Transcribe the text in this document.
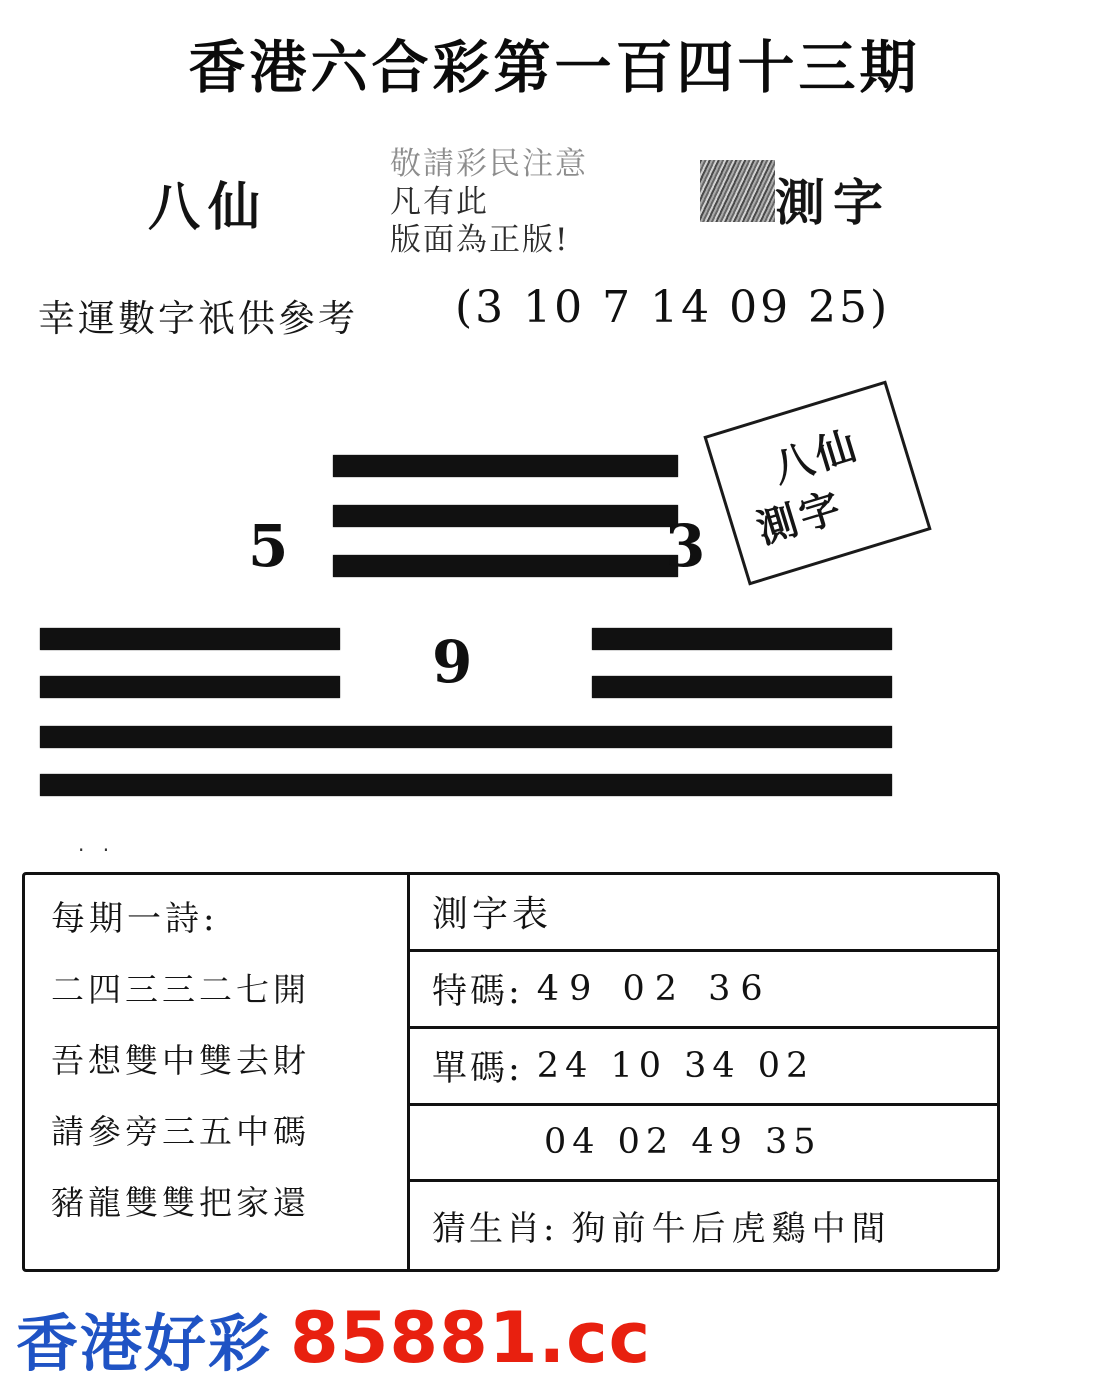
香港六合彩第一百四十三期
八仙
敬請彩民注意
凡有此
版面為正版!
測字
幸運數字祇供參考 (3 10 7 14 09 25)
5	3
9
八仙
測字
· ·
每期一詩:
二四三三二七開
吾想雙中雙去財
請參旁三五中碼
豬龍雙雙把家還
測字表
特碼: 49 02 36
單碼: 24 10 34 02
04 02 49 35
猜生肖: 狗前牛后虎鷄中間
香港好彩 85881.cc
